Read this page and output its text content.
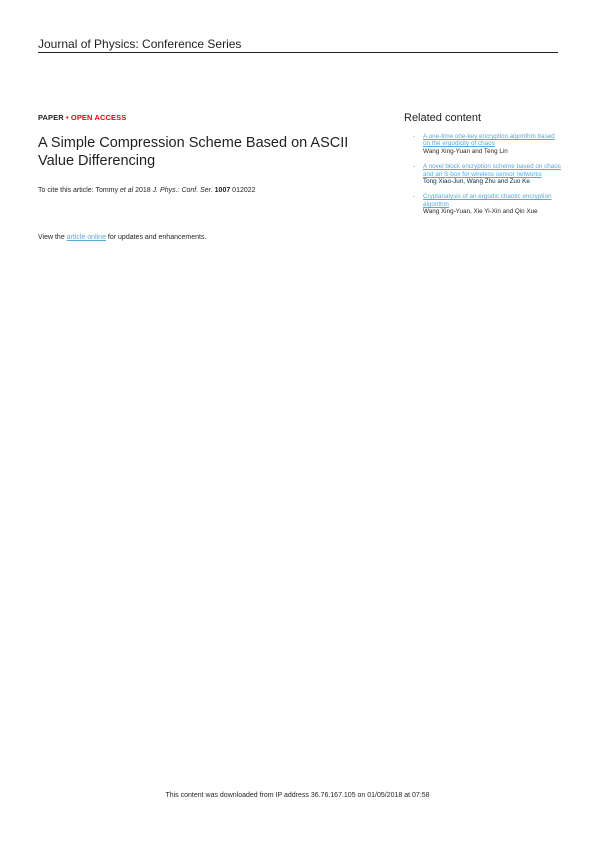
Journal of Physics: Conference Series
PAPER • OPEN ACCESS
A Simple Compression Scheme Based on ASCII Value Differencing
To cite this article: Tommy et al 2018 J. Phys.: Conf. Ser. 1007 012022
View the article online for updates and enhancements.
Related content
-	A one-time one-key encryption algorithm based on the ergodicity of chaos
Wang Xing-Yuan and Teng Lin
-	A novel block encryption scheme based on chaos and an S-box for wireless sensor networks
Tong Xiao-Jun, Wang Zhu and Zuo Ke
-	Cryptanalysis of an ergodic chaotic encryption algorithm
Wang Xing-Yuan, Xie Yi-Xin and Qin Xue
This content was downloaded from IP address 36.76.167.105 on 01/05/2018 at 07:58
